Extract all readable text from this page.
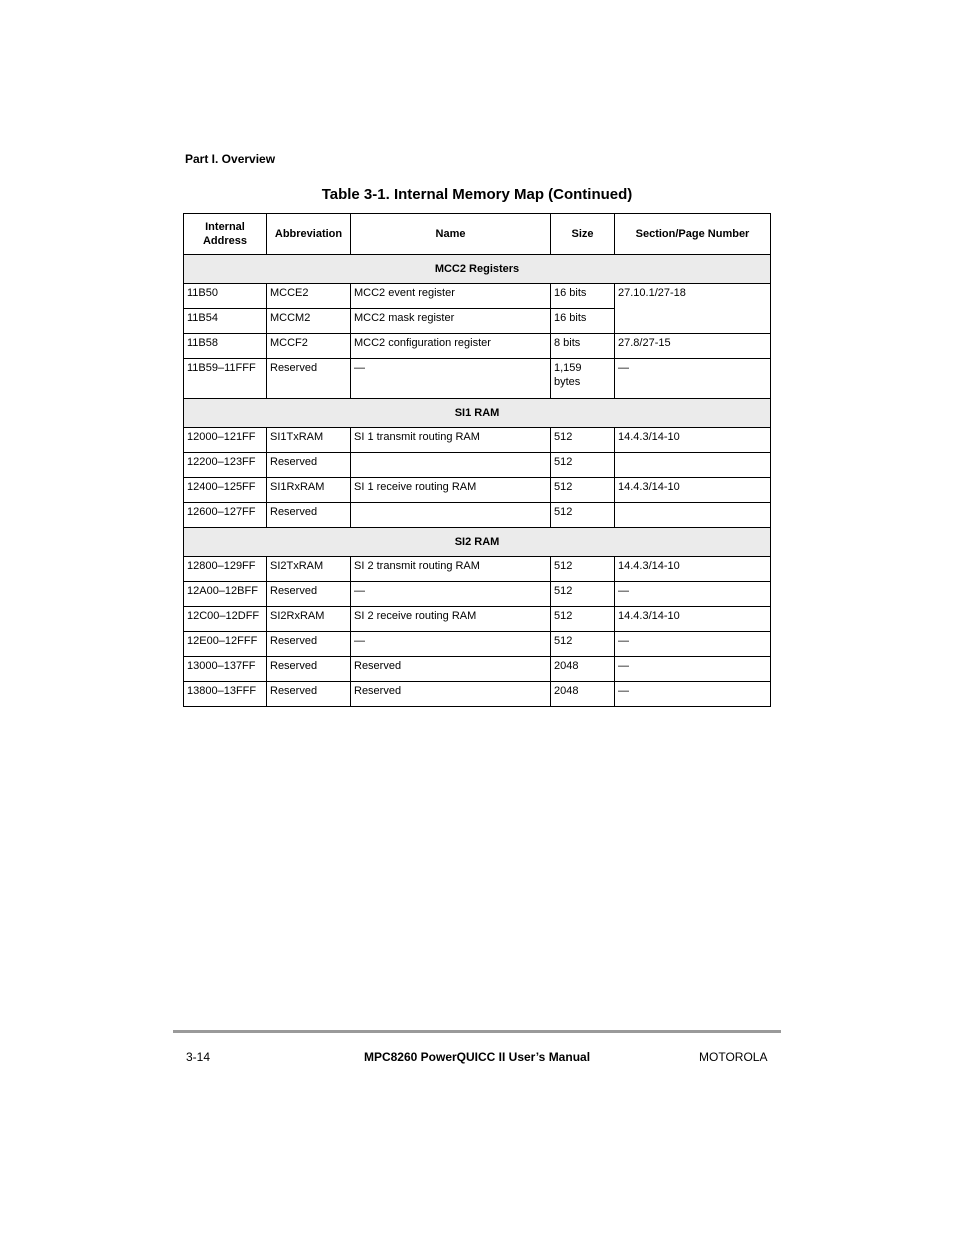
Part I. Overview
Table 3-1. Internal Memory Map (Continued)
Internal Address	Abbreviation	Name	Size	Section/Page Number
MCC2 Registers				
11B50	MCCE2	MCC2 event register	16 bits	27.10.1/27-18
11B54	MCCM2	MCC2 mask register	16 bits	
11B58	MCCF2	MCC2 configuration register	8 bits	27.8/27-15
11B59–11FFF	Reserved	—	1,159 bytes	—
SI1 RAM				
12000–121FF	SI1TxRAM	SI 1 transmit routing RAM	512	14.4.3/14-10
12200–123FF	Reserved		512	
12400–125FF	SI1RxRAM	SI 1 receive routing RAM	512	14.4.3/14-10
12600–127FF	Reserved		512	
SI2 RAM				
12800–129FF	SI2TxRAM	SI 2 transmit routing RAM	512	14.4.3/14-10
12A00–12BFF	Reserved	—	512	—
12C00–12DFF	SI2RxRAM	SI 2 receive routing RAM	512	14.4.3/14-10
12E00–12FFF	Reserved	—	512	—
13000–137FF	Reserved	Reserved	2048	—
13800–13FFF	Reserved	Reserved	2048	—
3-14	MPC8260 PowerQUICC II User’s Manual	MOTOROLA
